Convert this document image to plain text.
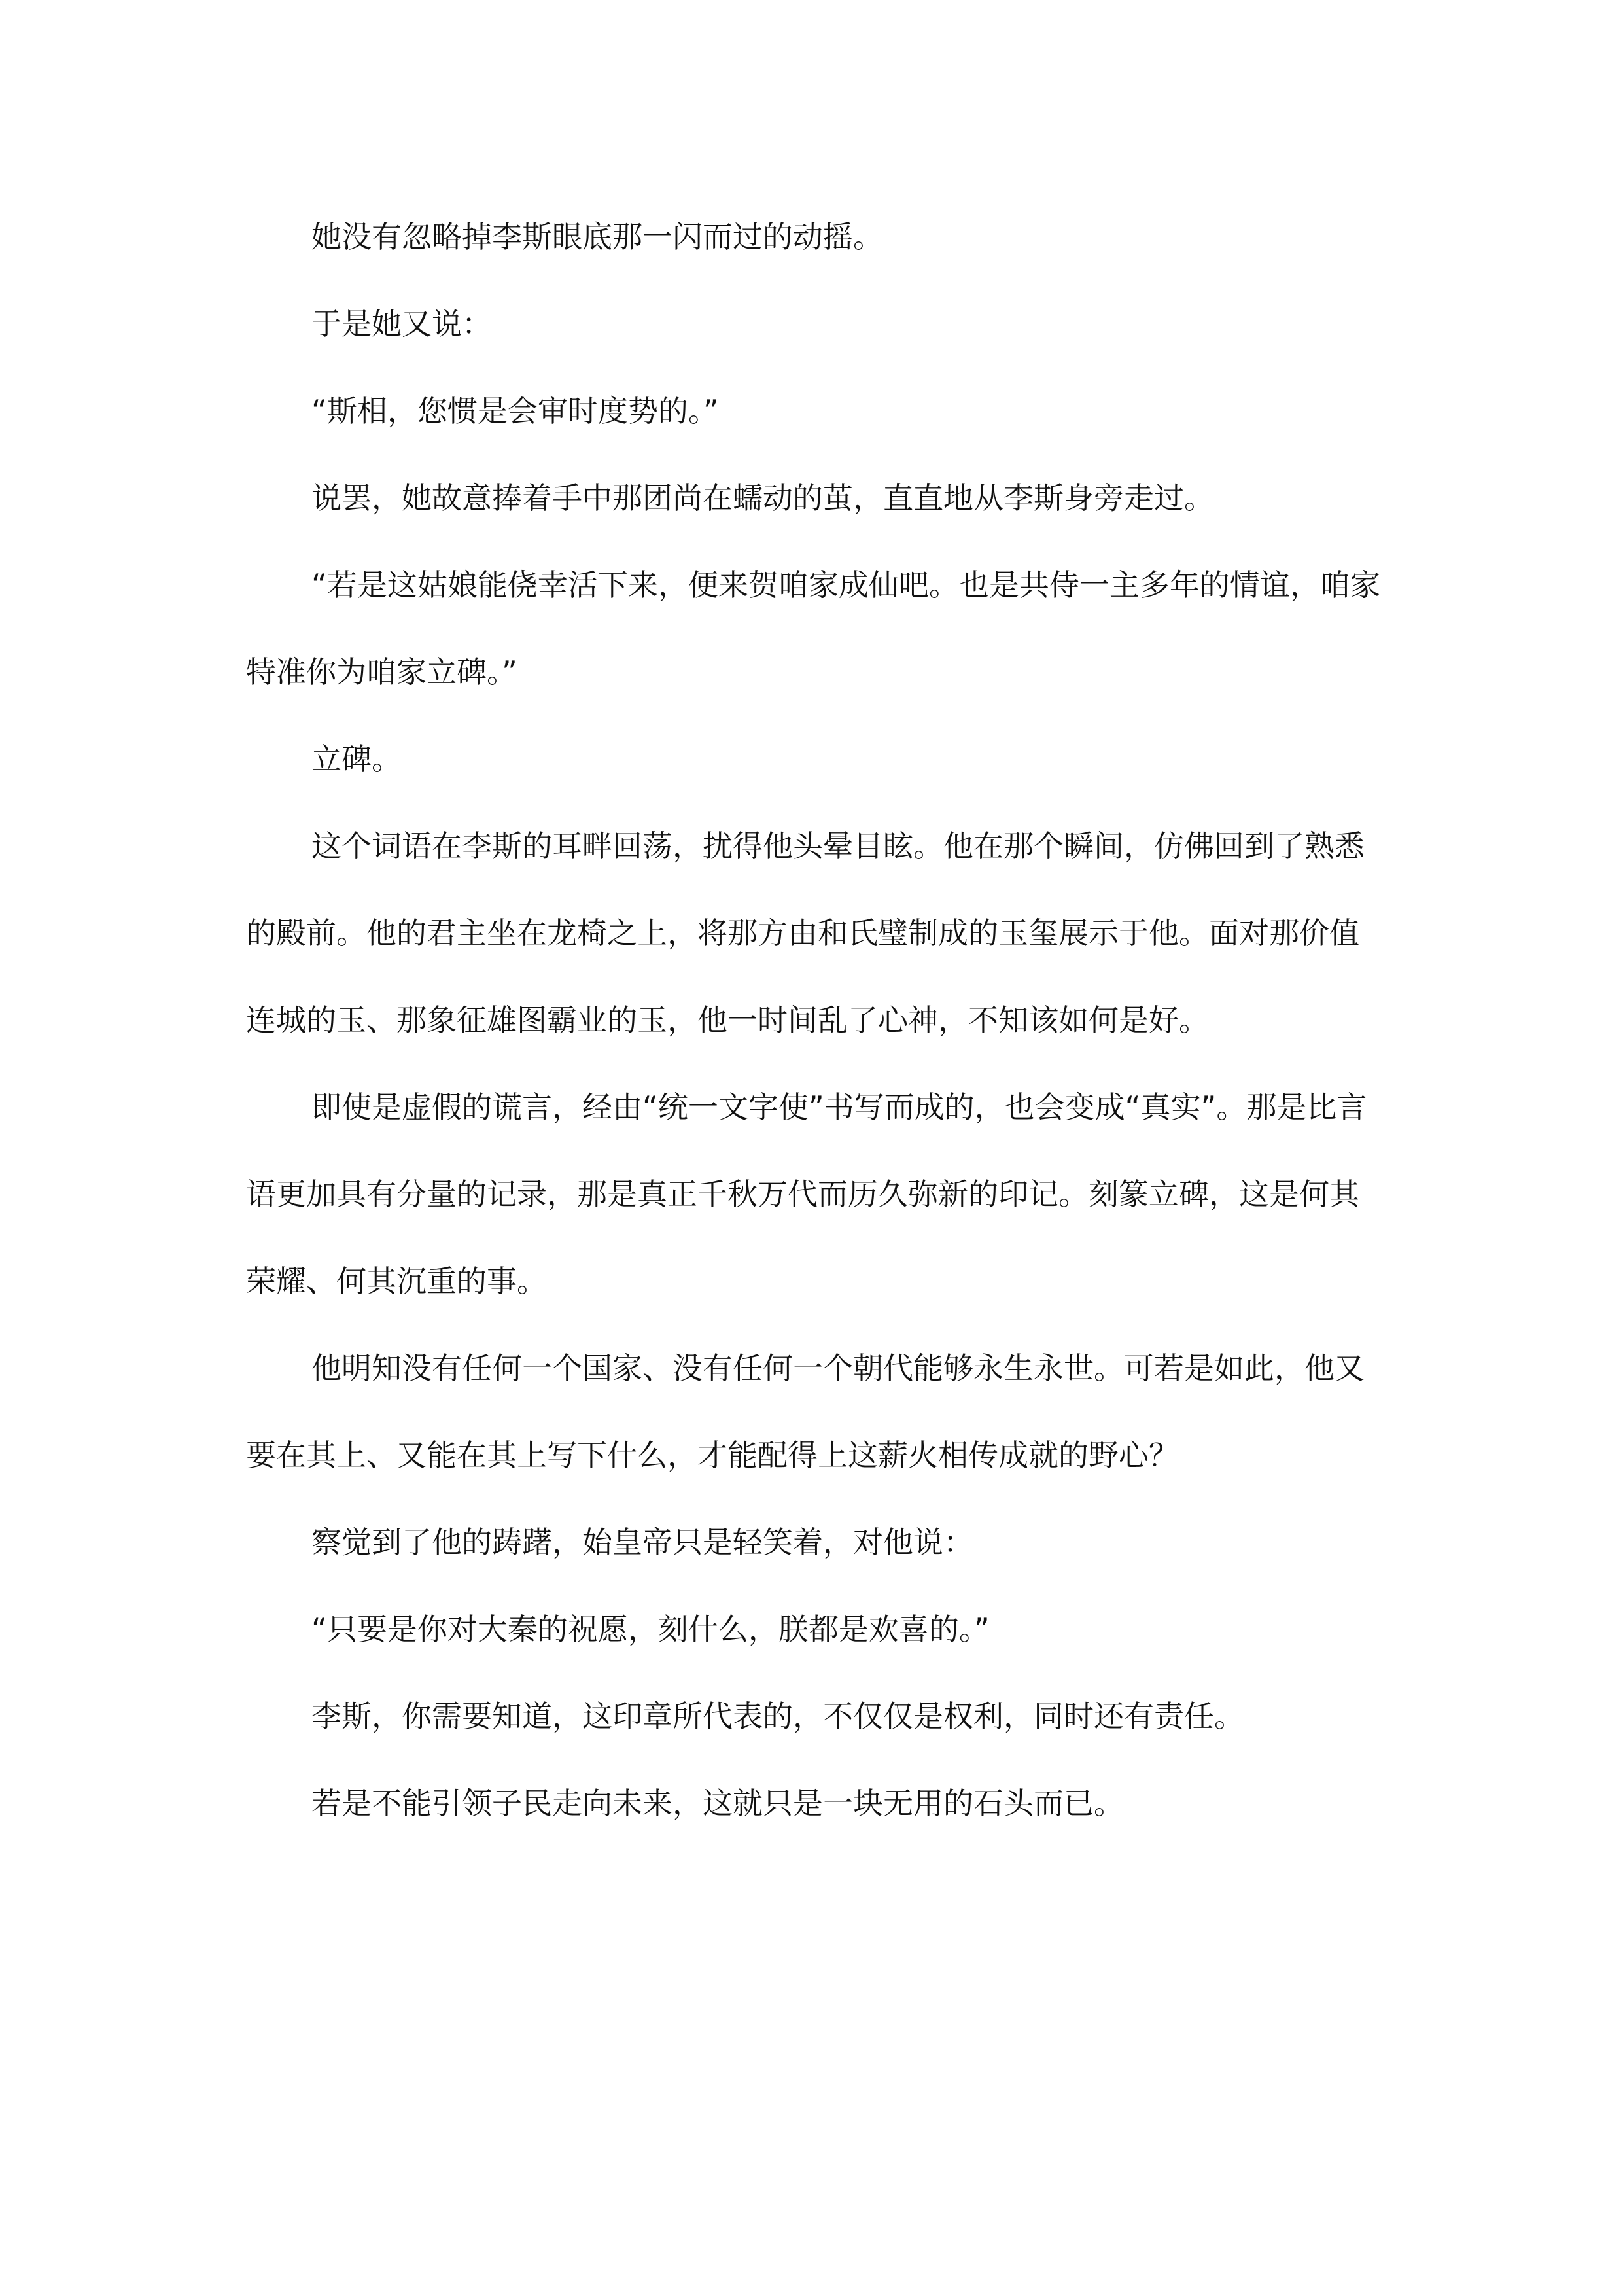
她没有忽略掉李斯眼底那一闪而过的动摇。

于是她又说：

“斯相，您惯是会审时度势的。”

说罢，她故意捧着手中那团尚在蠕动的茧，直直地从李斯身旁走过。

“若是这姑娘能侥幸活下来，便来贺咱家成仙吧。也是共侍一主多年的情谊，咱家特准你为咱家立碑。”

立碑。

这个词语在李斯的耳畔回荡，扰得他头晕目眩。他在那个瞬间，仿佛回到了熟悉的殿前。他的君主坐在龙椅之上，将那方由和氏璧制成的玉玺展示于他。面对那价值连城的玉、那象征雄图霸业的玉，他一时间乱了心神，不知该如何是好。

即使是虚假的谎言，经由“统一文字使”书写而成的，也会变成“真实”。那是比言语更加具有分量的记录，那是真正千秋万代而历久弥新的印记。刻篆立碑，这是何其荣耀、何其沉重的事。

他明知没有任何一个国家、没有任何一个朝代能够永生永世。可若是如此，他又要在其上、又能在其上写下什么，才能配得上这薪火相传成就的野心？

察觉到了他的踌躇，始皇帝只是轻笑着，对他说：

“只要是你对大秦的祝愿，刻什么，朕都是欢喜的。”

李斯，你需要知道，这印章所代表的，不仅仅是权利，同时还有责任。

若是不能引领子民走向未来，这就只是一块无用的石头而已。
